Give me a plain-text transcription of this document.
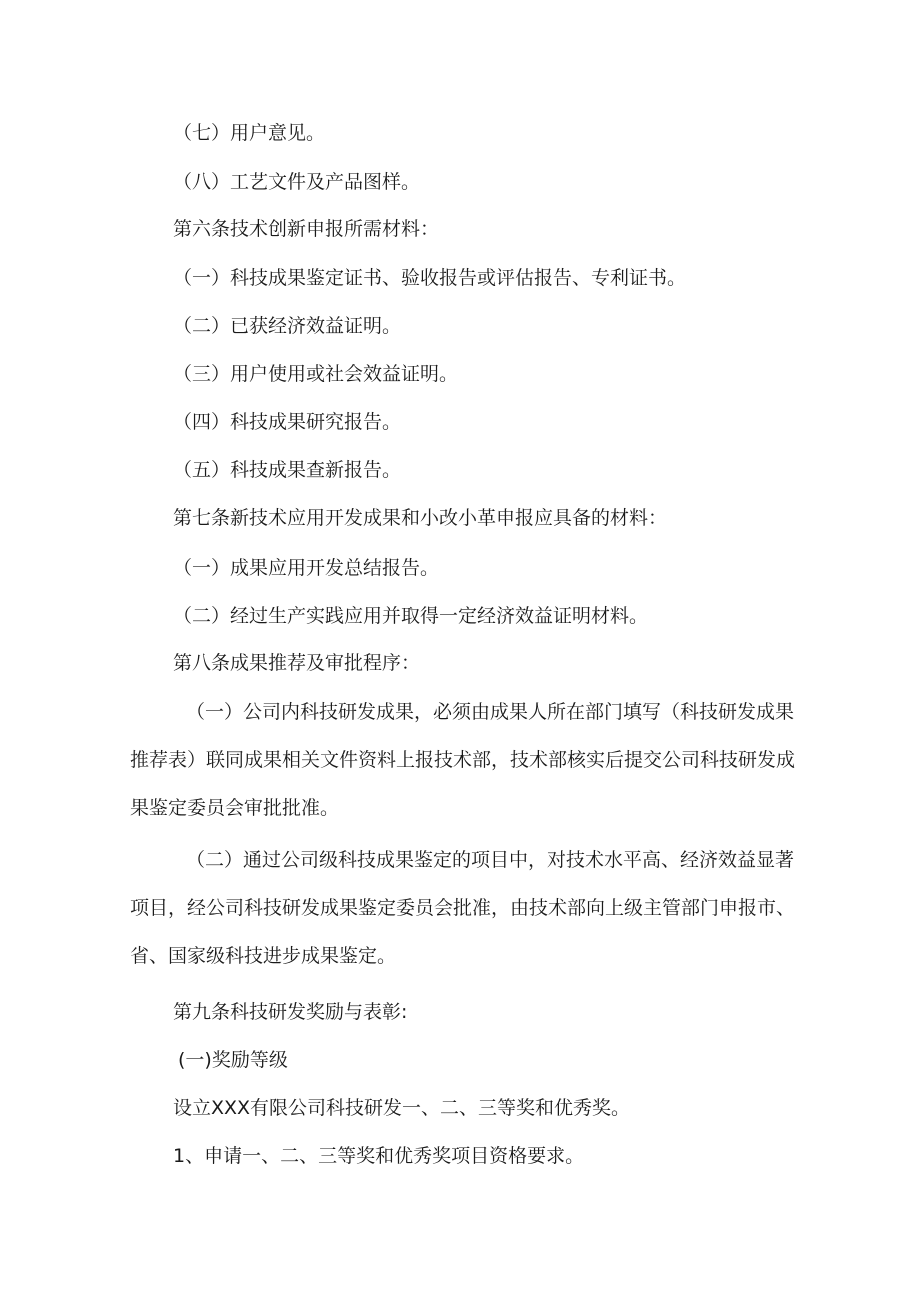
（七）用户意见。
（八）工艺文件及产品图样。
第六条技术创新申报所需材料：
（一）科技成果鉴定证书、验收报告或评估报告、专利证书。
（二）已获经济效益证明。
（三）用户使用或社会效益证明。
（四）科技成果研究报告。
（五）科技成果查新报告。
第七条新技术应用开发成果和小改小革申报应具备的材料：
（一）成果应用开发总结报告。
（二）经过生产实践应用并取得一定经济效益证明材料。
第八条成果推荐及审批程序：
（一）公司内科技研发成果，必须由成果人所在部门填写（科技研发成果推荐表）联同成果相关文件资料上报技术部，技术部核实后提交公司科技研发成果鉴定委员会审批批准。
（二）通过公司级科技成果鉴定的项目中，对技术水平高、经济效益显著项目，经公司科技研发成果鉴定委员会批准，由技术部向上级主管部门申报市、省、国家级科技进步成果鉴定。
第九条科技研发奖励与表彰:
(一)奖励等级
设立XXX有限公司科技研发一、二、三等奖和优秀奖。
1、申请一、二、三等奖和优秀奖项目资格要求。
